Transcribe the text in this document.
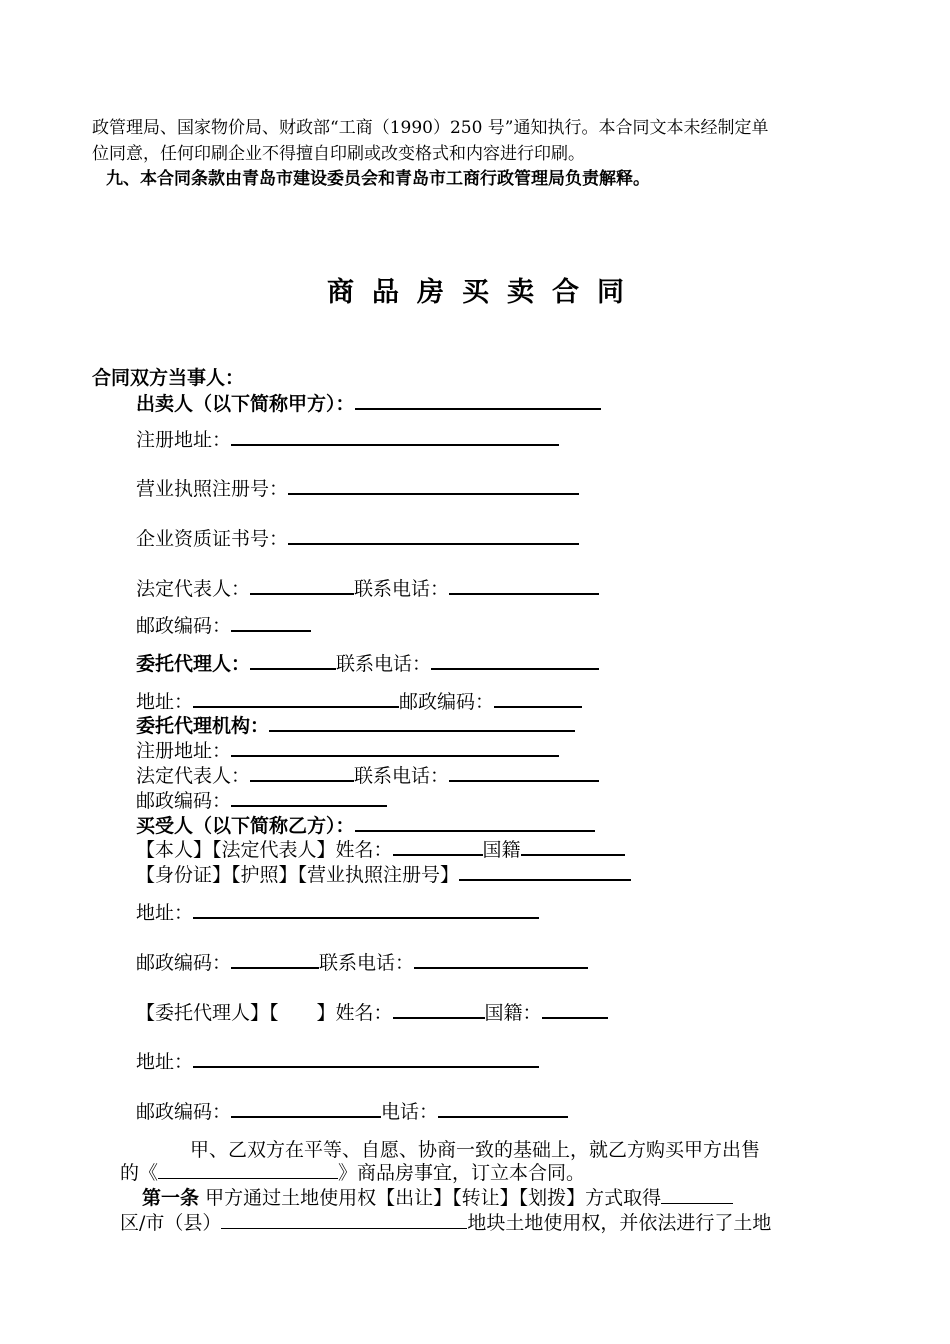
政管理局、国家物价局、财政部“工商（1990）250 号”通知执行。本合同文本未经制定单
位同意，任何印刷企业不得擅自印刷或改变格式和内容进行印刷。
九、本合同条款由青岛市建设委员会和青岛市工商行政管理局负责解释。
商品房买卖合同
合同双方当事人：
出卖人（以下简称甲方）：
注册地址：
营业执照注册号：
企业资质证书号：
法定代表人：	联系电话：
邮政编码：
委托代理人：	联系电话：
地址：	邮政编码：
委托代理机构：
注册地址：
法定代表人：	联系电话：
邮政编码：
买受人（以下简称乙方）：
【本人】【法定代表人】姓名：	国籍
【身份证】【护照】【营业执照注册号】
地址：
邮政编码：	联系电话：
【委托代理人】【　　】姓名：	国籍：
地址：
邮政编码：	电话：
甲、乙双方在平等、自愿、协商一致的基础上，就乙方购买甲方出售
的《	》商品房事宜，订立本合同。
第一条 甲方通过土地使用权【出让】【转让】【划拨】方式取得
区/市（县）	地块土地使用权，并依法进行了土地
